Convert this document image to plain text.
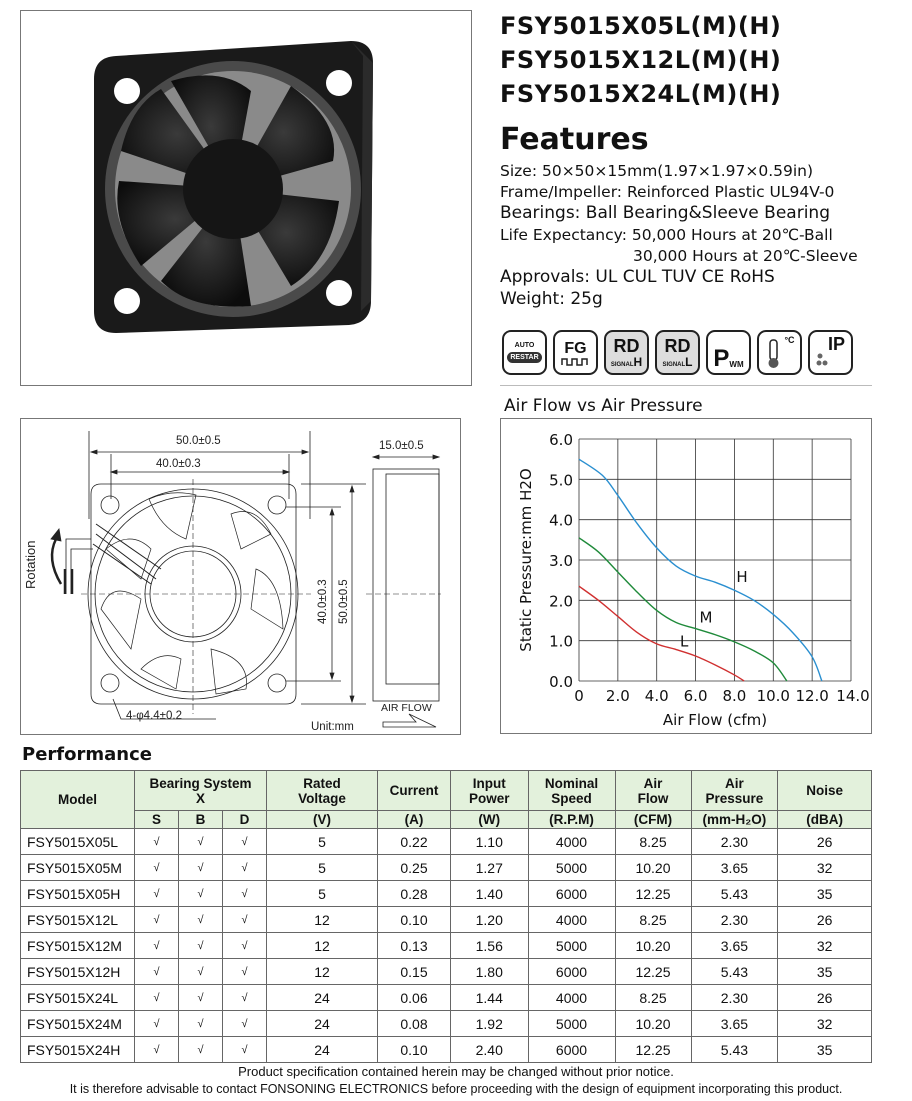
FSY5015X05L(M)(H)
FSY5015X12L(M)(H)
FSY5015X24L(M)(H)
Features
Size: 50×50×15mm(1.97×1.97×0.59in)
Frame/Impeller: Reinforced Plastic UL94V-0
Bearings: Ball Bearing&Sleeve Bearing
Life Expectancy: 50,000 Hours at 20℃-Ball
30,000 Hours at 20℃-Sleeve
Approvals: UL CUL TUV CE RoHS
Weight: 25g
AUTO
RESTAR
FG RD
SIGNALH
RD
SIGNALL P WM
°C IP
50.0±0.5
40.0±0.3
40.0±0.3 50.0±0.5
15.0±0.5
4-φ4.4±0.2
Unit:mm
AIR FLOW
Rotation
Air Flow vs Air Pressure
0 2.0 4.0 6.0 8.0 10.0 12.0 14.0
0.0
1.0
2.0
3.0
4.0
5.0
6.0
Air Flow (cfm)
Static Pressure:mm H2O	H
M
L
Performance
Model	Bearing System
X			Rated Voltage	Current	Input Power	Nominal Speed	Air Flow	Air Pressure	Noise
	S	B	D	(V)	(A)	(W)	(R.P.M)	(CFM)	(mm-H₂O)	(dBA)
FSY5015X05L	√	√	√	5	0.22	1.10	4000	8.25	2.30	26
FSY5015X05M	√	√	√	5	0.25	1.27	5000	10.20	3.65	32
FSY5015X05H	√	√	√	5	0.28	1.40	6000	12.25	5.43	35
FSY5015X12L	√	√	√	12	0.10	1.20	4000	8.25	2.30	26
FSY5015X12M	√	√	√	12	0.13	1.56	5000	10.20	3.65	32
FSY5015X12H	√	√	√	12	0.15	1.80	6000	12.25	5.43	35
FSY5015X24L	√	√	√	24	0.06	1.44	4000	8.25	2.30	26
FSY5015X24M	√	√	√	24	0.08	1.92	5000	10.20	3.65	32
FSY5015X24H	√	√	√	24	0.10	2.40	6000	12.25	5.43	35
Product specification contained herein may be changed without prior notice.
It is therefore advisable to contact FONSONING ELECTRONICS before proceeding with the design of equipment incorporating this product.
